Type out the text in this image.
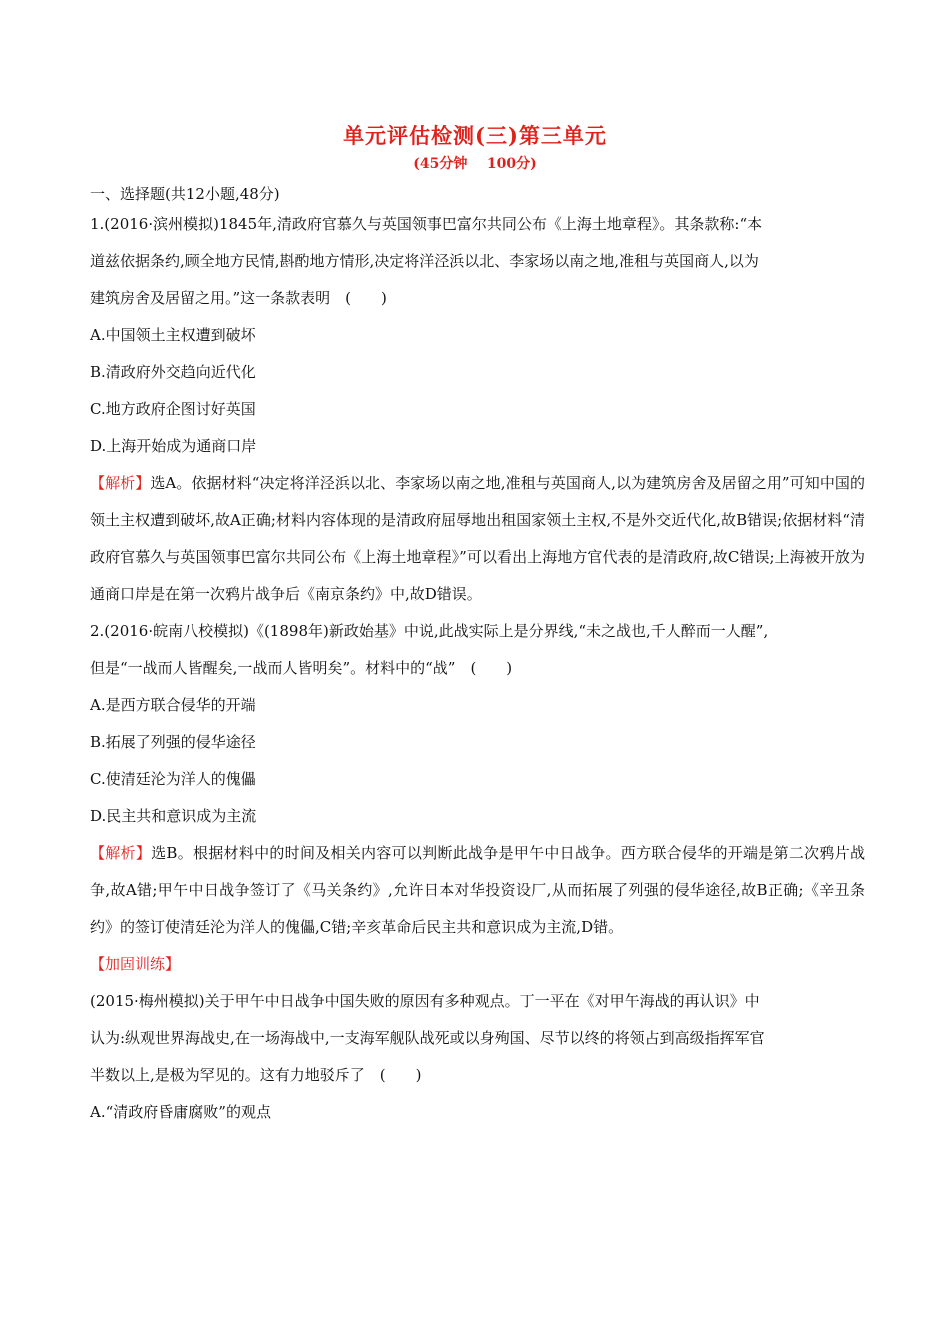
单元评估检测(三)第三单元
(45分钟    100分)
一、选择题(共12小题,48分)
1.(2016·滨州模拟)1845年,清政府官慕久与英国领事巴富尔共同公布《上海土地章程》。其条款称:“本
道兹依据条约,顾全地方民情,斟酌地方情形,决定将洋泾浜以北、李家场以南之地,准租与英国商人,以为
建筑房舍及居留之用。”这一条款表明　(　　)
A.中国领土主权遭到破坏
B.清政府外交趋向近代化
C.地方政府企图讨好英国
D.上海开始成为通商口岸

【解析】选A。依据材料“决定将洋泾浜以北、李家场以南之地,准租与英国商人,以为建筑房舍及居留之用”可知中国的领土主权遭到破坏,故A正确;材料内容体现的是清政府屈辱地出租国家领土主权,不是外交近代化,故B错误;依据材料“清政府官慕久与英国领事巴富尔共同公布《上海土地章程》”可以看出上海地方官代表的是清政府,故C错误;上海被开放为通商口岸是在第一次鸦片战争后《南京条约》中,故D错误。

2.(2016·皖南八校模拟)《(1898年)新政始基》中说,此战实际上是分界线,“未之战也,千人醉而一人醒”,
但是“一战而人皆醒矣,一战而人皆明矣”。材料中的“战”　(　　)
A.是西方联合侵华的开端
B.拓展了列强的侵华途径
C.使清廷沦为洋人的傀儡
D.民主共和意识成为主流

【解析】选B。根据材料中的时间及相关内容可以判断此战争是甲午中日战争。西方联合侵华的开端是第二次鸦片战争,故A错;甲午中日战争签订了《马关条约》,允许日本对华投资设厂,从而拓展了列强的侵华途径,故B正确;《辛丑条约》的签订使清廷沦为洋人的傀儡,C错;辛亥革命后民主共和意识成为主流,D错。

【加固训练】
(2015·梅州模拟)关于甲午中日战争中国失败的原因有多种观点。丁一平在《对甲午海战的再认识》中
认为:纵观世界海战史,在一场海战中,一支海军舰队战死或以身殉国、尽节以终的将领占到高级指挥军官
半数以上,是极为罕见的。这有力地驳斥了　(　　)
A.“清政府昏庸腐败”的观点
